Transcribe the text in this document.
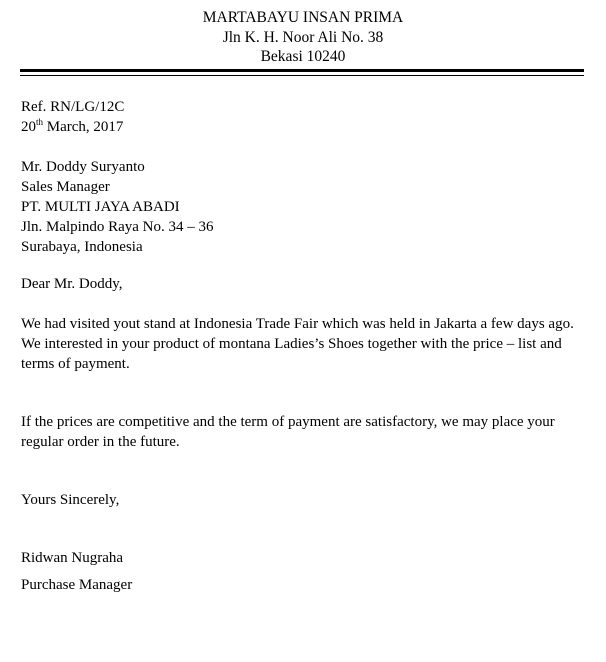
MARTABAYU INSAN PRIMA
Jln K. H. Noor Ali No. 38
Bekasi 10240
Ref. RN/LG/12C
20th March, 2017
Mr. Doddy Suryanto
Sales Manager
PT. MULTI JAYA ABADI
Jln. Malpindo Raya No. 34 – 36
Surabaya, Indonesia
Dear Mr. Doddy,
We had visited yout stand at Indonesia Trade Fair which was held in Jakarta a few days ago.
We interested in your product of montana Ladies’s Shoes together with the price – list and
terms of payment.
If the prices are competitive and the term of payment are satisfactory, we may place your
regular order in the future.
Yours Sincerely,
Ridwan Nugraha
Purchase Manager
